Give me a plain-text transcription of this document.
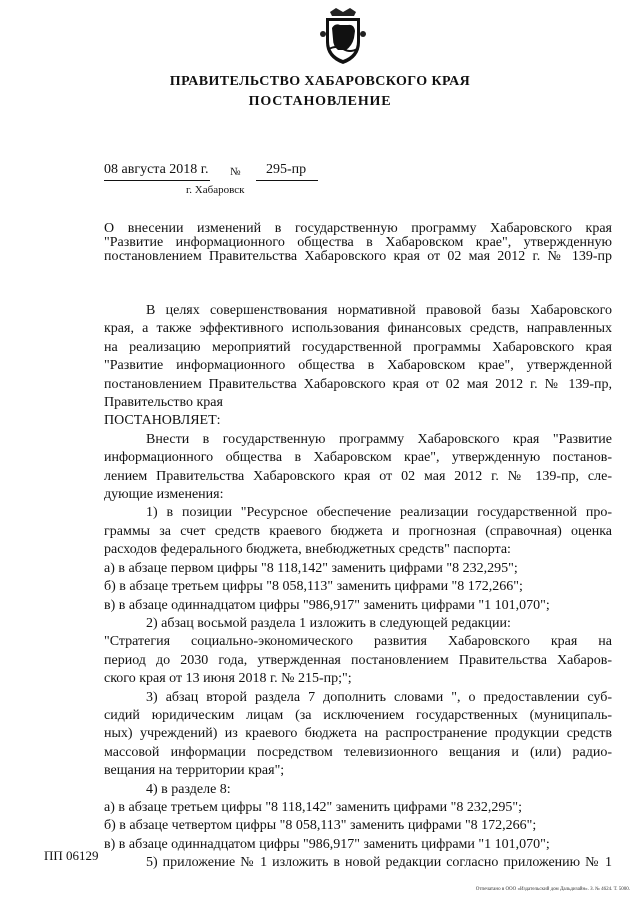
ПРАВИТЕЛЬСТВО ХАБАРОВСКОГО КРАЯ
ПОСТАНОВЛЕНИЕ
08 августа 2018 г. № 295-пр
г. Хабаровск
О внесении изменений в государственную программу Хабаровского края
"Развитие информационного общества в Хабаровском крае", утвержденную
постановлением Правительства Хабаровского края от 02 мая 2012 г. № 139-пр
В целях совершенствования нормативной правовой базы Хабаровского
края, а также эффективного использования финансовых средств, направленных
на реализацию мероприятий государственной программы Хабаровского края
"Развитие информационного общества в Хабаровском крае", утвержденной
постановлением Правительства Хабаровского края от 02 мая 2012 г. № 139-пр,
Правительство края
ПОСТАНОВЛЯЕТ:
Внести в государственную программу Хабаровского края "Развитие
информационного общества в Хабаровском крае", утвержденную постанов-
лением Правительства Хабаровского края от 02 мая 2012 г. № 139-пр, сле-
дующие изменения:
1) в позиции "Ресурсное обеспечение реализации государственной про-
граммы за счет средств краевого бюджета и прогнозная (справочная) оценка
расходов федерального бюджета, внебюджетных средств" паспорта:
а) в абзаце первом цифры "8 118,142" заменить цифрами "8 232,295";
б) в абзаце третьем цифры "8 058,113" заменить цифрами "8 172,266";
в) в абзаце одиннадцатом цифры "986,917" заменить цифрами "1 101,070";
2) абзац восьмой раздела 1 изложить в следующей редакции:
"Стратегия социально-экономического развития Хабаровского края на
период до 2030 года, утвержденная постановлением Правительства Хабаров-
ского края от 13 июня 2018 г. № 215-пр;";
3) абзац второй раздела 7 дополнить словами ", о предоставлении суб-
сидий юридическим лицам (за исключением государственных (муниципаль-
ных) учреждений) из краевого бюджета на распространение продукции средств
массовой информации посредством телевизионного вещания и (или) радио-
вещания на территории края";
4) в разделе 8:
а) в абзаце третьем цифры "8 118,142" заменить цифрами "8 232,295";
б) в абзаце четвертом цифры "8 058,113" заменить цифрами "8 172,266";
в) в абзаце одиннадцатом цифры "986,917" заменить цифрами "1 101,070";
5) приложение № 1 изложить в новой редакции согласно приложению № 1
ПП 06129
Отпечатано в ООО «Издательский дом Дальдизайн». З. № 4624. Т. 5000.
